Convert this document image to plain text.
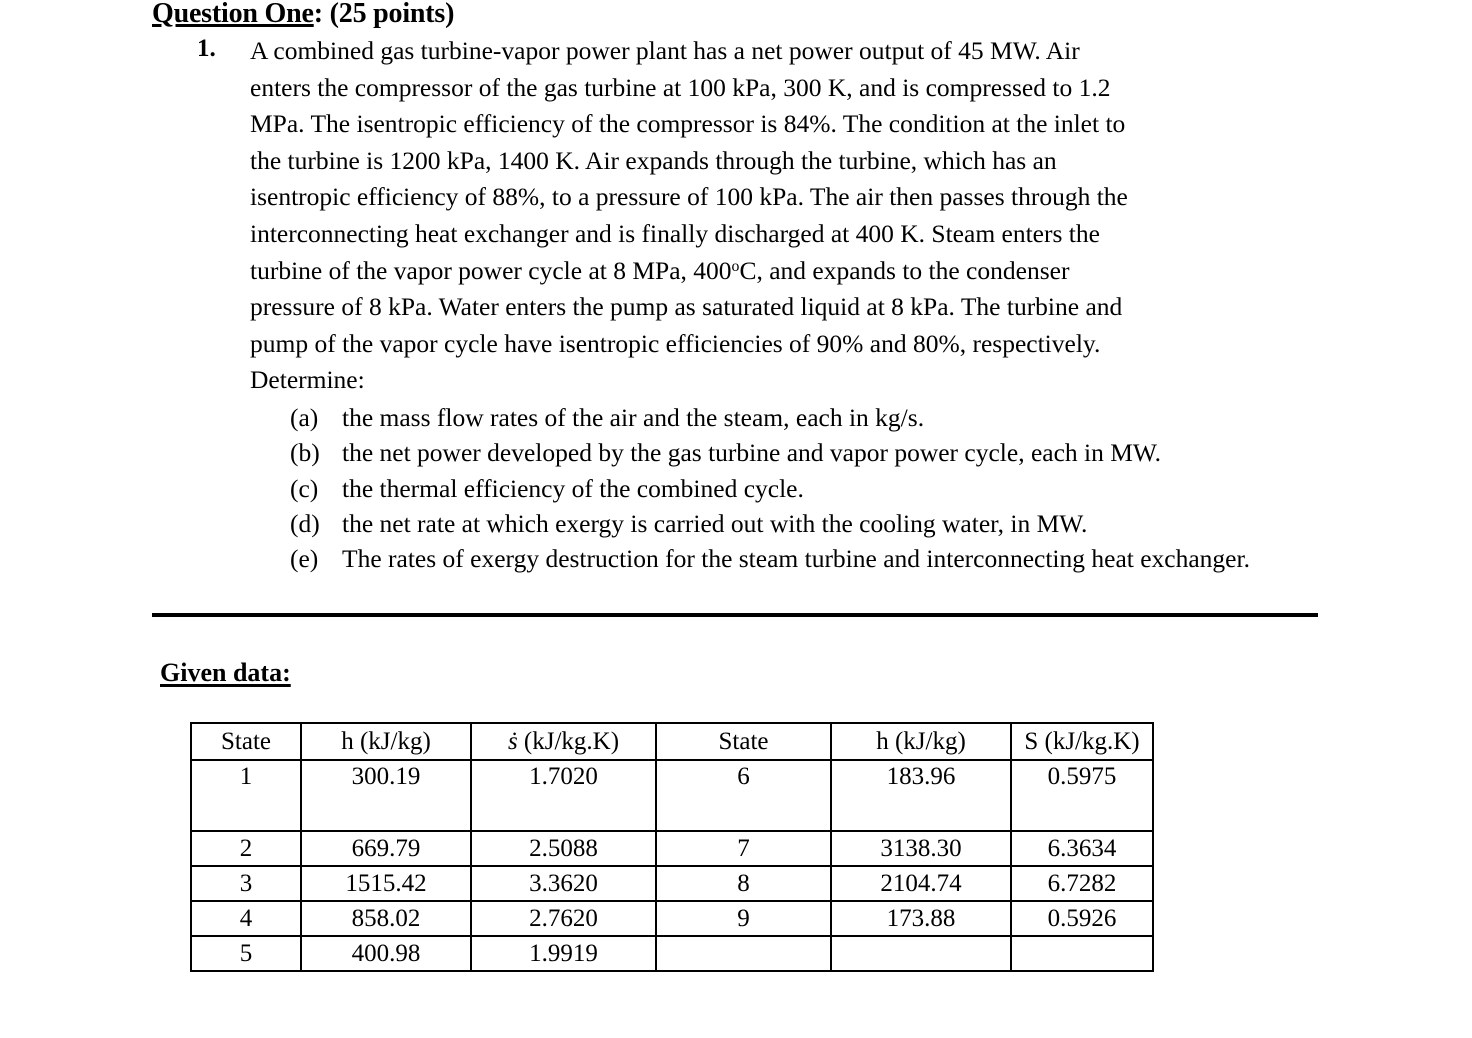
Question One: (25 points)
1.	A combined gas turbine-vapor power plant has a net power output of 45 MW. Air
enters the compressor of the gas turbine at 100 kPa, 300 K, and is compressed to 1.2
MPa. The isentropic efficiency of the compressor is 84%. The condition at the inlet to
the turbine is 1200 kPa, 1400 K. Air expands through the turbine, which has an
isentropic efficiency of 88%, to a pressure of 100 kPa. The air then passes through the
interconnecting heat exchanger and is finally discharged at 400 K. Steam enters the
turbine of the vapor power cycle at 8 MPa, 400$^o$C, and expands to the condenser
pressure of 8 kPa. Water enters the pump as saturated liquid at 8 kPa. The turbine and
pump of the vapor cycle have isentropic efficiencies of 90% and 80%, respectively.
Determine:
(a) the mass flow rates of the air and the steam, each in kg/s.
(b) the net power developed by the gas turbine and vapor power cycle, each in MW.
(c) the thermal efficiency of the combined cycle.
(d) the net rate at which exergy is carried out with the cooling water, in MW.
(e) The rates of exergy destruction for the steam turbine and interconnecting heat exchanger.
Given data:
State	h (kJ/kg)	ṡ (kJ/kg.K)	State	h (kJ/kg)	S (kJ/kg.K)
1	300.19	1.7020	6	183.96	0.5975
2	669.79	2.5088	7	3138.30	6.3634
3	1515.42	3.3620	8	2104.74	6.7282
4	858.02	2.7620	9	173.88	0.5926
5	400.98	1.9919			
